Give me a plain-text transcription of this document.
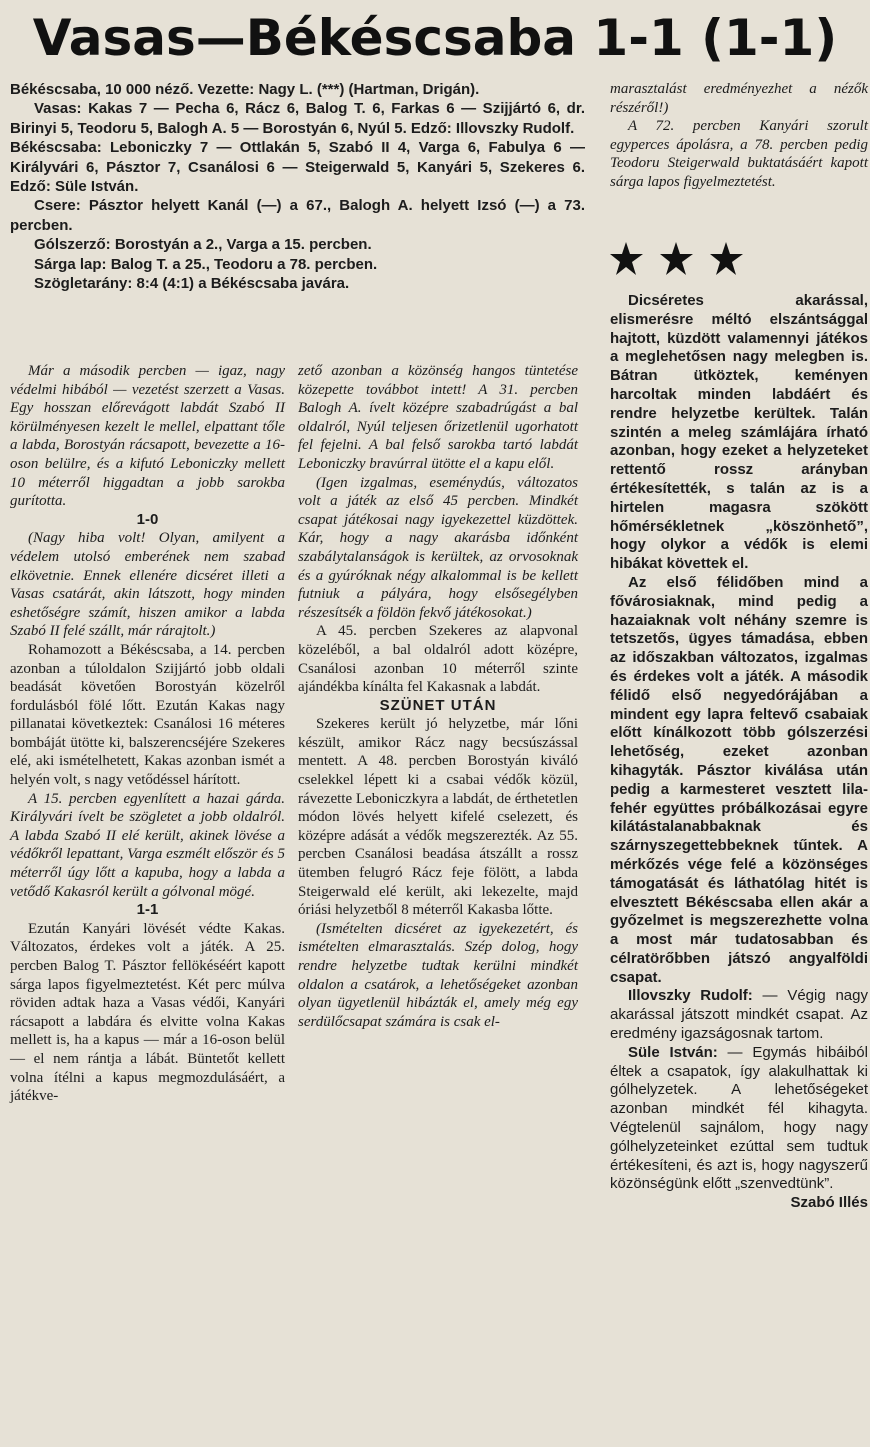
Vasas—Békéscsaba 1-1 (1-1)

Békéscsaba, 10 000 néző. Vezette: Nagy L. (***) (Hartman, Drigán).

Vasas: Kakas 7 — Pecha 6, Rácz 6, Balog T. 6, Farkas 6 — Szijjártó 6, dr. Birinyi 5, Teodoru 5, Balogh A. 5 — Borostyán 6, Nyúl 5. Edző: Illovszky Rudolf.

Békéscsaba: Leboniczky 7 — Ottlakán 5, Szabó II 4, Varga 6, Fabulya 6 — Királyvári 6, Pásztor 7, Csanálosi 6 — Steigerwald 5, Kanyári 5, Szekeres 6. Edző: Süle István.

Csere: Pásztor helyett Kanál (—) a 67., Balogh A. helyett Izsó (—) a 73. percben.

Gólszerző: Borostyán a 2., Varga a 15. percben.

Sárga lap: Balog T. a 25., Teodoru a 78. percben.

Szögletarány: 8:4 (4:1) a Békéscsaba javára.

Már a második percben — igaz, nagy védelmi hibából — vezetést szerzett a Vasas. Egy hosszan előrevágott labdát Szabó II körülményesen kezelt le mellel, elpattant tőle a labda, Borostyán rácsapott, bevezette a 16-oson belülre, és a kifutó Leboniczky mellett 10 méterről higgadtan a jobb sarokba gurította.

1-0

(Nagy hiba volt! Olyan, amilyent a védelem utolsó emberének nem szabad elkövetnie. Ennek ellenére dicséret illeti a Vasas csatárát, akin látszott, hogy minden eshetőségre számít, hiszen amikor a labda Szabó II felé szállt, már rárajtolt.)

Rohamozott a Békéscsaba, a 14. percben azonban a túloldalon Szijjártó jobb oldali beadását követően Borostyán közelről fordulásból fölé lőtt. Ezután Kakas nagy pillanatai következtek: Csanálosi 16 méteres bombáját ütötte ki, balszerencséjére Szekeres elé, aki ismételhetett, Kakas azonban ismét a helyén volt, s nagy vetődéssel hárított.

A 15. percben egyenlített a hazai gárda. Királyvári ívelt be szögletet a jobb oldalról. A labda Szabó II elé került, akinek lövése a védőkről lepattant, Varga eszmélt először és 5 méterről úgy lőtt a kapuba, hogy a labda a vetődő Kakasról került a gólvonal mögé.

1-1

Ezután Kanyári lövését védte Kakas. Változatos, érdekes volt a játék. A 25. percben Balog T. Pásztor fellökéséért kapott sárga lapos figyelmeztetést. Két perc múlva röviden adtak haza a Vasas védői, Kanyári rácsapott a labdára és elvitte volna Kakas mellett is, ha a kapus — már a 16-oson belül — el nem rántja a lábát. Büntetőt kellett volna ítélni a kapus megmozdulásáért, a játékve-

zető azonban a közönség hangos tüntetése közepette továbbot intett! A 31. percben Balogh A. ívelt középre szabadrúgást a bal oldalról, Nyúl teljesen őrizetlenül ugorhatott fel fejelni. A bal felső sarokba tartó labdát Leboniczky bravúrral ütötte el a kapu elől.

(Igen izgalmas, eseménydús, változatos volt a játék az első 45 percben. Mindkét csapat játékosai nagy igyekezettel küzdöttek. Kár, hogy a nagy akarásba időnként szabálytalanságok is kerültek, az orvosoknak és a gyúróknak négy alkalommal is be kellett futniuk a pályára, hogy elsősegélyben részesítsék a földön fekvő játékosokat.)

A 45. percben Szekeres az alapvonal közeléből, a bal oldalról adott középre, Csanálosi azonban 10 méterről szinte ajándékba kínálta fel Kakasnak a labdát.

SZÜNET UTÁN

Szekeres került jó helyzetbe, már lőni készült, amikor Rácz nagy becsúszással mentett. A 48. percben Borostyán kiváló cselekkel lépett ki a csabai védők közül, rávezette Leboniczkyra a labdát, de érthetetlen módon lövés helyett kifelé cselezett, és középre adását a védők megszerezték. Az 55. percben Csanálosi beadása átszállt a rossz ütemben felugró Rácz feje fölött, a labda Steigerwald elé került, aki lekezelte, majd óriási helyzetből 8 méterről Kakasba lőtte.

(Ismételten dicséret az igyekezetért, és ismételten elmarasztalás. Szép dolog, hogy rendre helyzetbe tudtak kerülni mindkét oldalon a csatárok, a lehetőségeket azonban olyan ügyetlenül hibázták el, amely még egy serdülőcsapat számára is csak el-

marasztalást eredményezhet a nézők részéről!)

A 72. percben Kanyári szorult egyperces ápolásra, a 78. percben pedig Teodoru Steigerwald buktatásáért kapott sárga lapos figyelmeztetést.

Dicséretes akarással, elismerésre méltó elszántsággal hajtott, küzdött valamennyi játékos a meglehetősen nagy melegben is. Bátran ütköztek, keményen harcoltak minden labdáért és rendre helyzetbe kerültek. Talán szintén a meleg számlájára írható azonban, hogy ezeket a helyzeteket rettentő rossz arányban értékesítették, s talán az is a hirtelen magasra szökött hőmérsékletnek „köszönhető”, hogy olykor a védők is elemi hibákat követtek el.

Az első félidőben mind a fővárosiaknak, mind pedig a hazaiaknak volt néhány szemre is tetszetős, ügyes támadása, ebben az időszakban változatos, izgalmas és érdekes volt a játék. A második félidő első negyedórájában a mindent egy lapra feltevő csabaiak előtt kínálkozott több gólszerzési lehetőség, ezeket azonban kihagyták. Pásztor kiválása után pedig a karmesteret vesztett lila-fehér együttes próbálkozásai egyre kilátástalanabbaknak és szárnyszegettebbeknek tűntek. A mérkőzés vége felé a közönséges támogatását és láthatólag hitét is elvesztett Békéscsaba ellen akár a győzelmet is megszerezhette volna a most már tudatosabban és célratörőbben játszó angyalföldi csapat.

Illovszky Rudolf: — Végig nagy akarással játszott mindkét csapat. Az eredmény igazságosnak tartom.

Süle István: — Egymás hibáiból éltek a csapatok, így alakulhattak ki gólhelyzetek. A lehetőségeket azonban mindkét fél kihagyta. Végtelenül sajnálom, hogy nagy gólhelyzeteinket ezúttal sem tudtuk értékesíteni, és azt is, hogy nagyszerű közönségünk előtt „szenvedtünk”.

Szabó Illés
